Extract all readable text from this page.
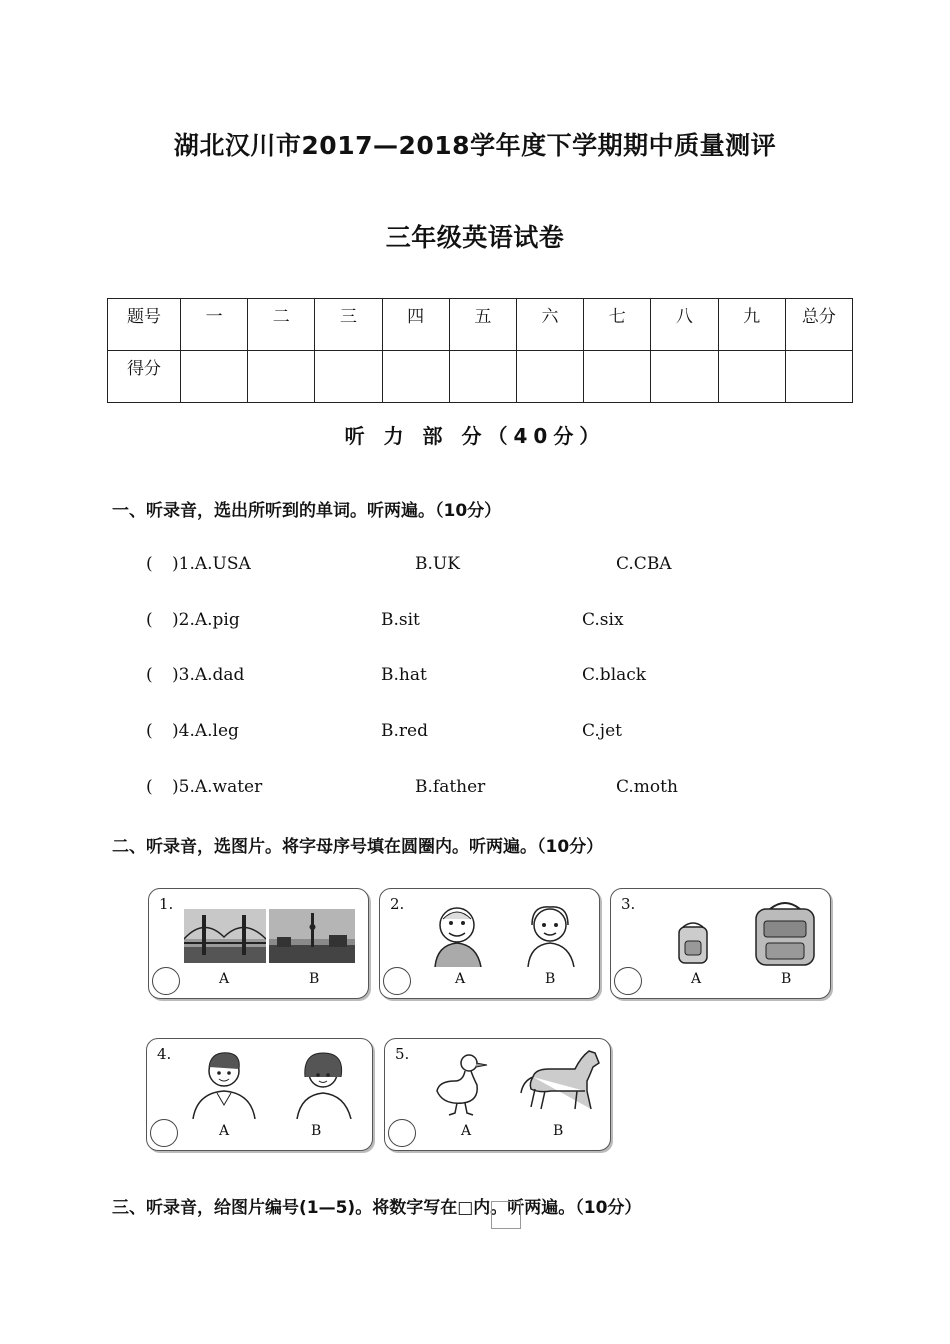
湖北汉川市2017—2018学年度下学期期中质量测评
三年级英语试卷
题号	一	二	三	四	五	六	七	八	九	总分
得分										
听 力 部 分（40分）
一、听录音，选出所听到的单词。听两遍。（10分）
( )1.A.USA	B.UK	C.CBA
( )2.A.pig	B.sit	C.six
( )3.A.dad	B.hat	C.black
( )4.A.leg	B.red	C.jet
( )5.A.water	B.father	C.moth
二、听录音，选图片。将字母序号填在圆圈内。听两遍。（10分）
1.
A	B
2.
A	B
3.
A	B
4.
A	B
5.
A	B
三、听录音，给图片编号(1—5)。将数字写在□内。听两遍。（10分）
